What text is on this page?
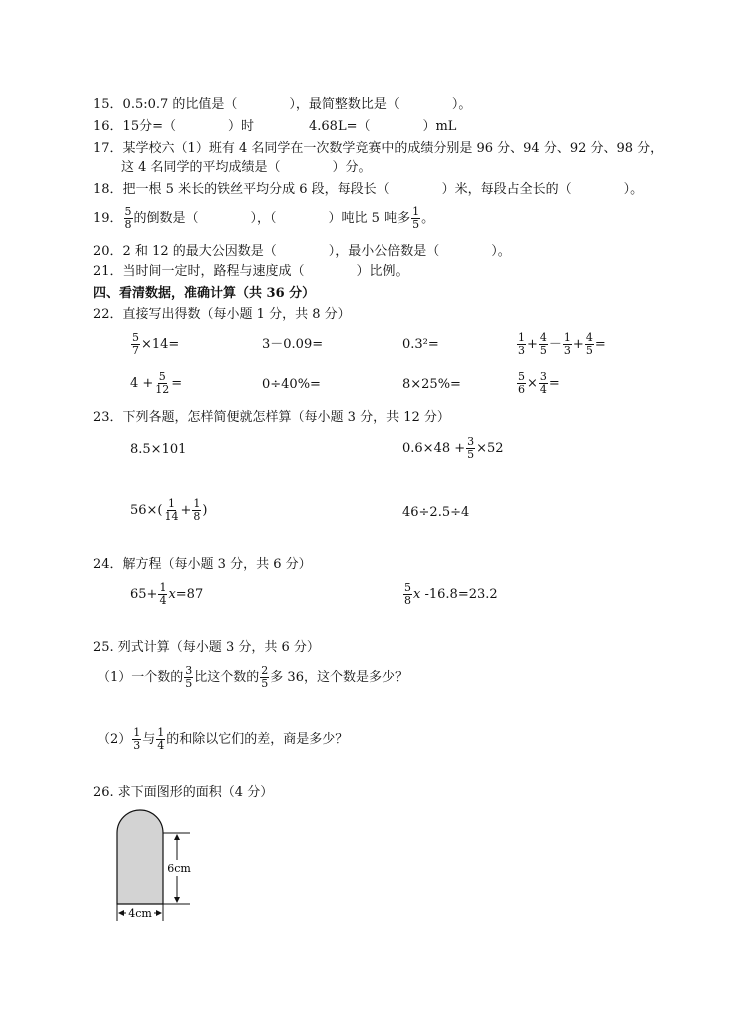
15．0.5:0.7 的比值是（　　　　），最简整数比是（　　　　）。
16．15分=（　　　　）时	4.68L=（　　　　）mL
17．某学校六（1）班有 4 名同学在一次数学竞赛中的成绩分别是 96 分、94 分、92 分、98 分，
这 4 名同学的平均成绩是（　　　　）分。
18．把一根 5 米长的铁丝平均分成 6 段，每段长（　　　　）米，每段占全长的（　　　　）。
19． $\frac{5}{8}$ 的倒数是（　　　　），（　　　　）吨比 5 吨多 $\frac{1}{5}$ 。
20．2 和 12 的最大公因数是（　　　　），最小公倍数是（　　　　）。
21．当时间一定时，路程与速度成（　　　　）比例。
四、看清数据，准确计算（共 36 分）
22．直接写出得数（每小题 1 分，共 8 分）
$\frac{5}{7} \times 14=$	3－0.09=	0.3²=	$\frac{1}{3} + \frac{4}{5} - \frac{1}{3} + \frac{4}{5}$ =
$4 + \frac{5}{12}$ =	0÷40%=	8×25%=	$\frac{5}{6} \times \frac{3}{4}$ =
23．下列各题，怎样简便就怎样算（每小题 3 分，共 12 分）
8.5×101	$0.6\times 48 + \frac{3}{5} \times 52$
$56\times( \frac{1}{14} + \frac{1}{8}$ )	46÷2.5÷4
24．解方程（每小题 3 分，共 6 分）
$65+ \frac{1}{4} x=87$	$\frac{5}{8}$ x -16.8=23.2
25. 列式计算（每小题 3 分，共 6 分）
（1）一个数的 $\frac{3}{5}$ 比这个数的 $\frac{2}{5}$ 多 36，这个数是多少？
$(2) \frac{1}{3}$ 与 $\frac{1}{4}$ 的和除以它们的差，商是多少？
26. 求下面图形的面积（4 分）
6cm
4cm
